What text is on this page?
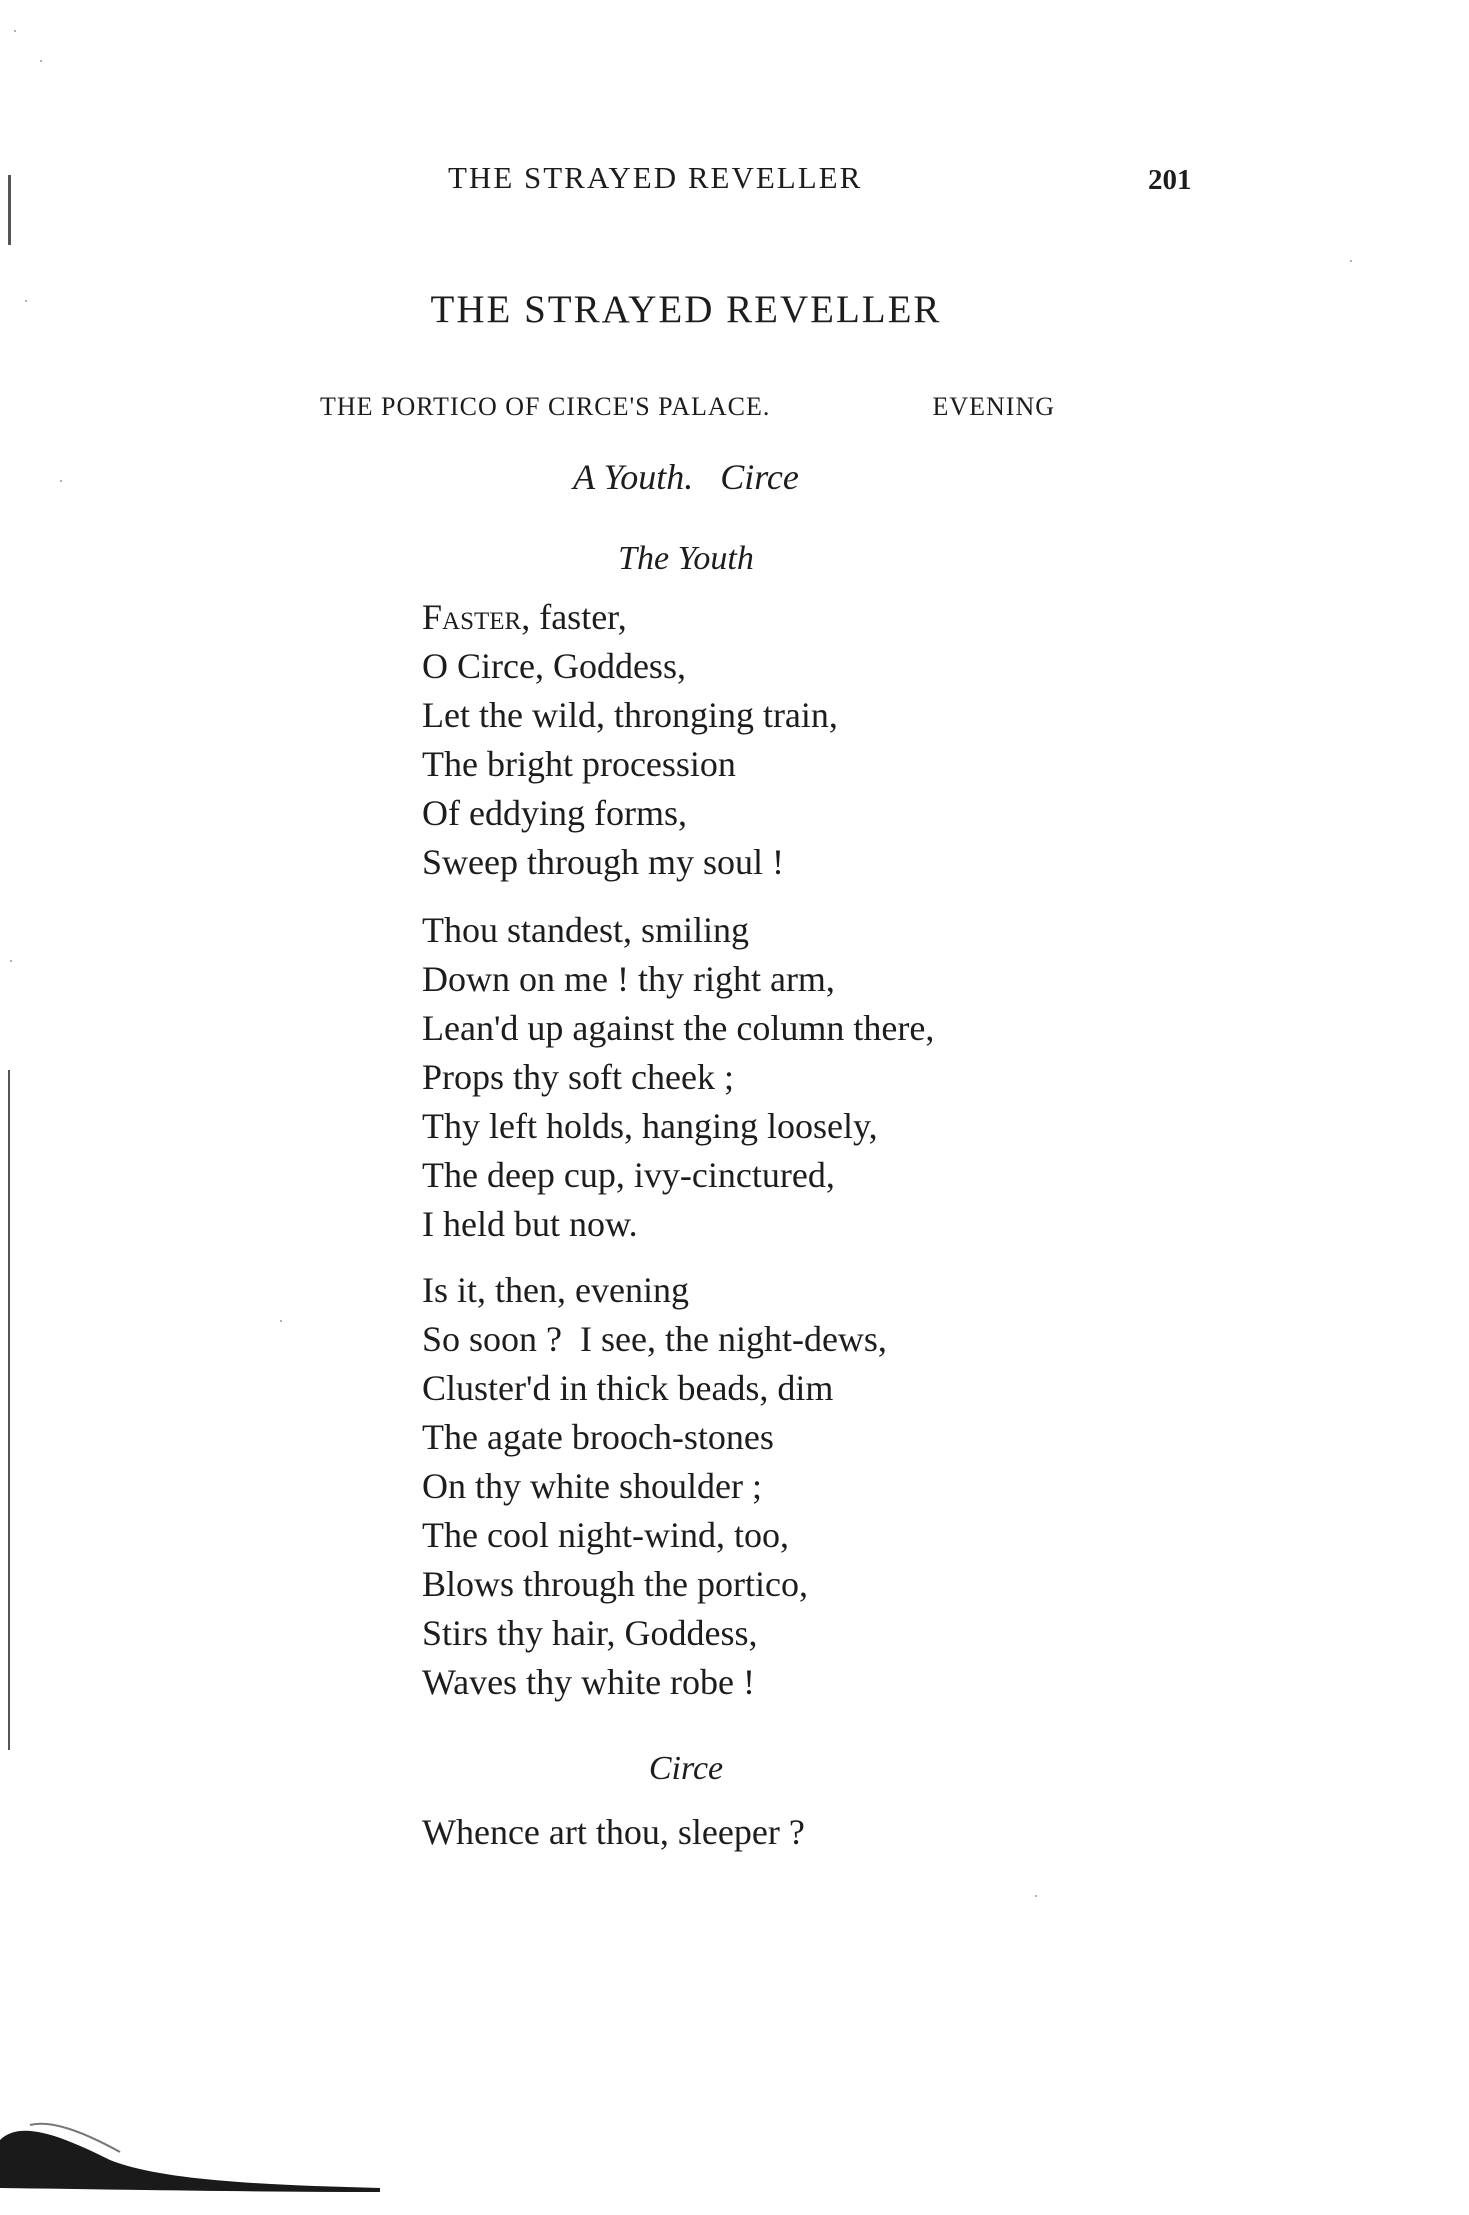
THE STRAYED REVELLER	201
THE STRAYED REVELLER
THE PORTICO OF CIRCE'S PALACE.	EVENING
A Youth.   Circe
The Youth
Faster, faster,
O Circe, Goddess,
Let the wild, thronging train,
The bright procession
Of eddying forms,
Sweep through my soul !
Thou standest, smiling
Down on me ! thy right arm,
Lean'd up against the column there,
Props thy soft cheek ;
Thy left holds, hanging loosely,
The deep cup, ivy-cinctured,
I held but now.
Is it, then, evening
So soon ?  I see, the night-dews,
Cluster'd in thick beads, dim
The agate brooch-stones
On thy white shoulder ;
The cool night-wind, too,
Blows through the portico,
Stirs thy hair, Goddess,
Waves thy white robe !
Circe
Whence art thou, sleeper ?
